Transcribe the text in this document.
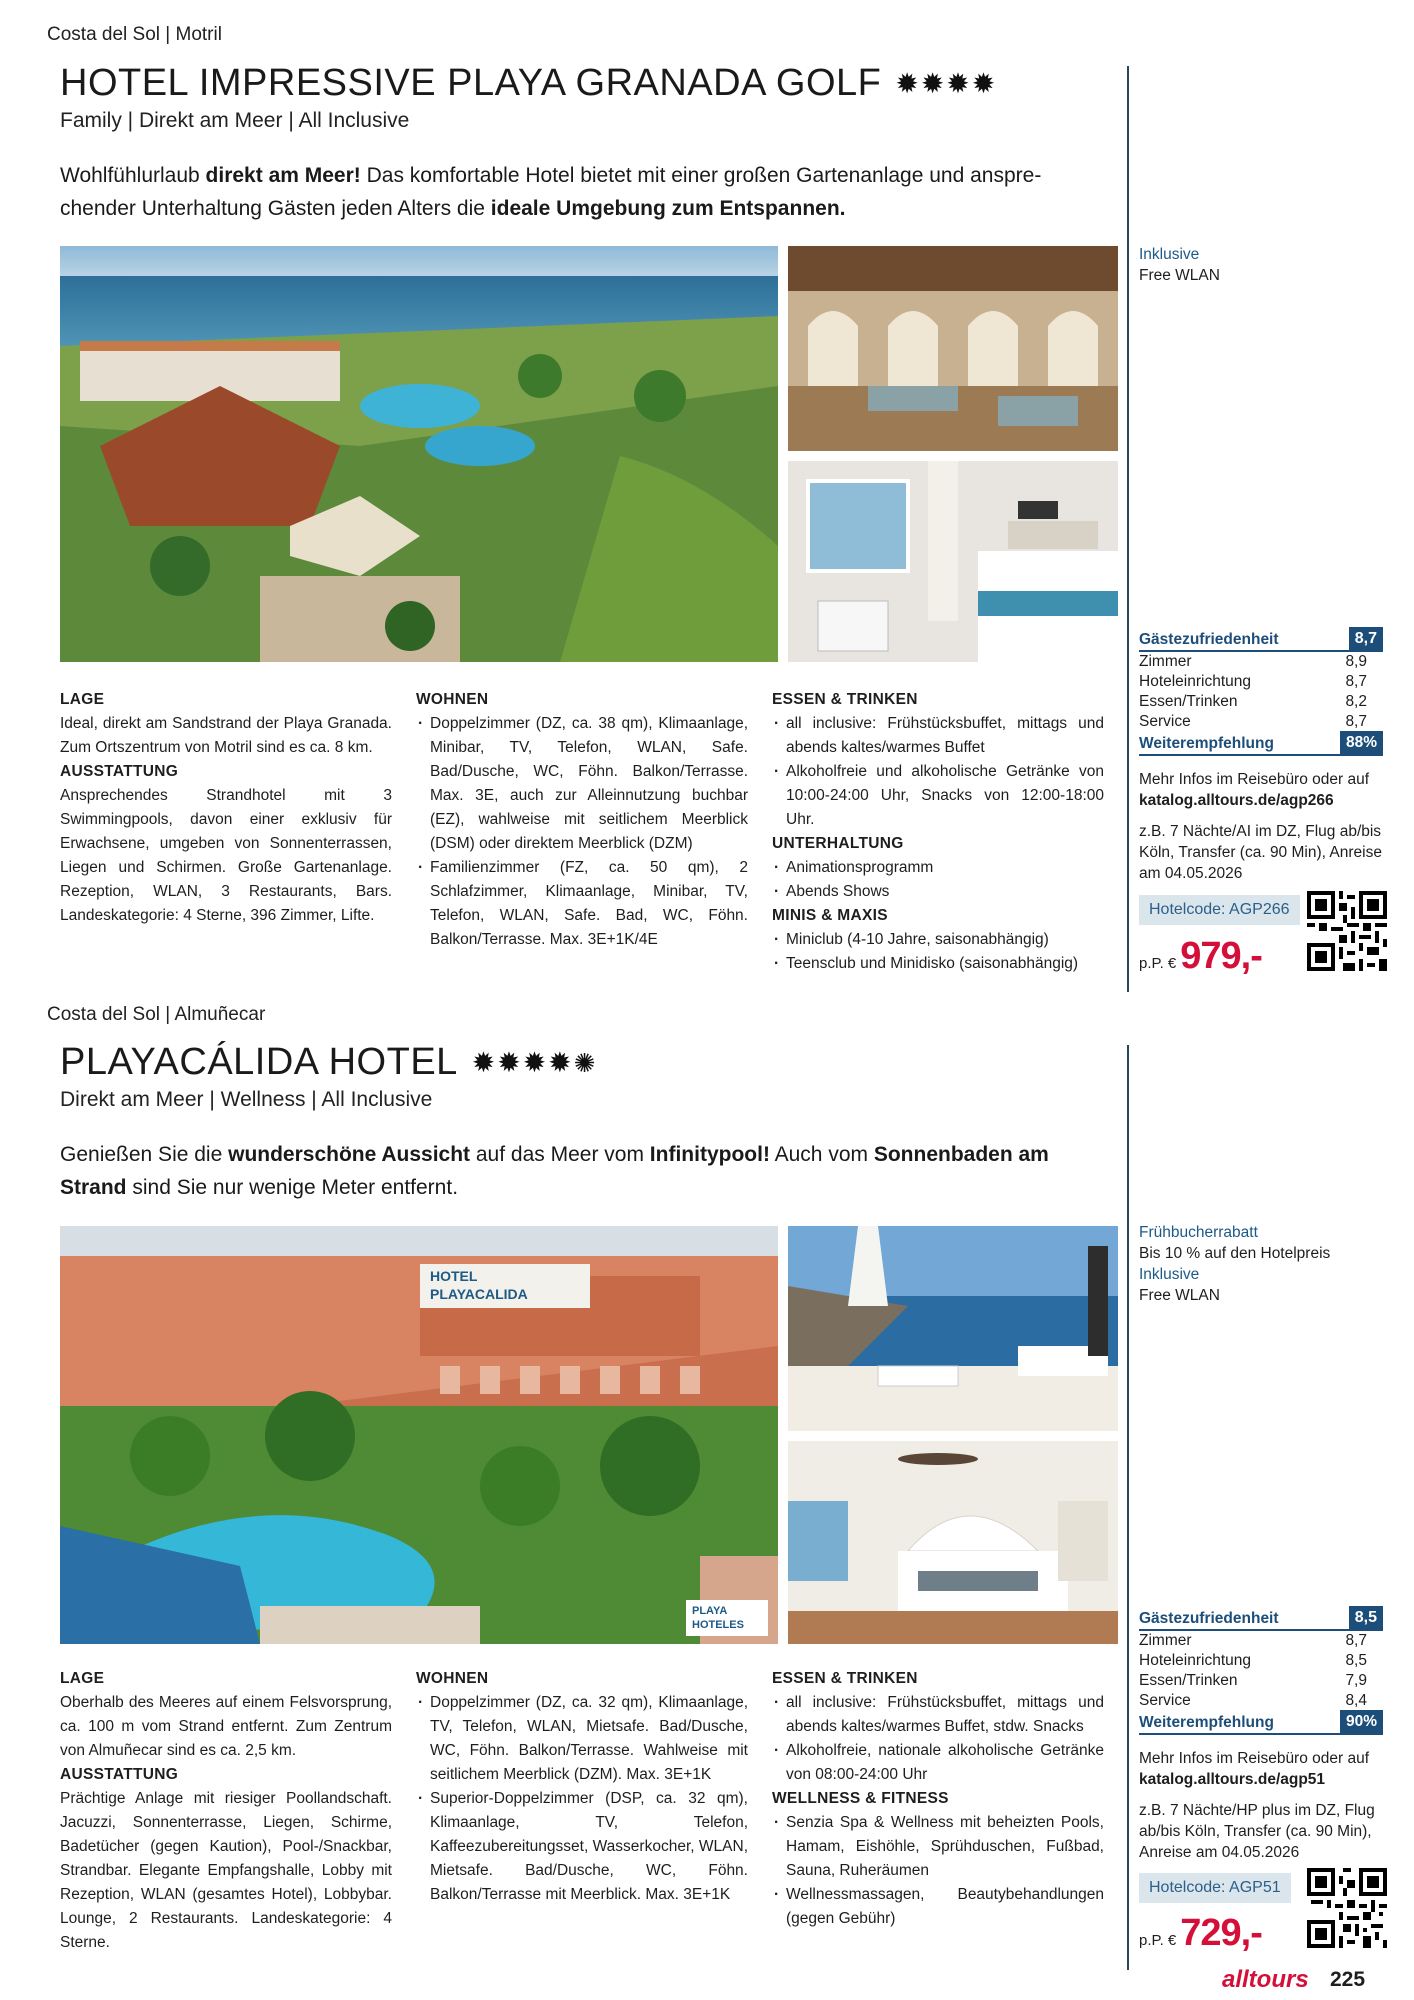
Costa del Sol | Motril
HOTEL IMPRESSIVE PLAYA GRANADA GOLF ✹✹✹✹
Family | Direkt am Meer | All Inclusive
Wohlfühlurlaub direkt am Meer! Das komfortable Hotel bietet mit einer großen Gartenanlage und anspre-chender Unterhaltung Gästen jeden Alters die ideale Umgebung zum Entspannen.
LAGE

Ideal, direkt am Sandstrand der Playa Granada. Zum Ortszentrum von Motril sind es ca. 8 km.

AUSSTATTUNG

Ansprechendes Strandhotel mit 3 Swimmingpools, davon einer exklusiv für Erwachsene, umgeben von Sonnenterrassen, Liegen und Schirmen. Große Gartenanlage. Rezeption, WLAN, 3 Restaurants, Bars. Landeskategorie: 4 Sterne, 396 Zimmer, Lifte.

WOHNEN
· Doppelzimmer (DZ, ca. 38 qm), Klimaanlage, Minibar, TV, Telefon, WLAN, Safe. Bad/Dusche, WC, Föhn. Balkon/Terrasse. Max. 3E, auch zur Alleinnutzung buchbar (EZ), wahlweise mit seitlichem Meerblick (DSM) oder direktem Meerblick (DZM)
· Familienzimmer (FZ, ca. 50 qm), 2 Schlafzimmer, Klimaanlage, Minibar, TV, Telefon, WLAN, Safe. Bad, WC, Föhn. Balkon/Terrasse. Max. 3E+1K/4E
ESSEN & TRINKEN
· all inclusive: Frühstücksbuffet, mittags und abends kaltes/warmes Buffet
· Alkoholfreie und alkoholische Getränke von 10:00-24:00 Uhr, Snacks von 12:00-18:00 Uhr.
UNTERHALTUNG
· Animationsprogramm
· Abends Shows
MINIS & MAXIS
· Miniclub (4-10 Jahre, saisonabhängig)
· Teensclub und Minidisko (saisonabhängig)
Inklusive
Free WLAN
Gästezufriedenheit	8,7
Zimmer	8,9
Hoteleinrichtung	8,7
Essen/Trinken	8,2
Service	8,7
Weiterempfehlung	88%
Mehr Infos im Reisebüro oder auf
katalog.alltours.de/agp266
z.B. 7 Nächte/AI im DZ, Flug ab/bis Köln, Transfer (ca. 90 Min), Anreise am 04.05.2026
Hotelcode: AGP266
p.P. € 979,-
Costa del Sol | Almuñecar
PLAYACÁLIDA HOTEL ✹✹✹✹✺
Direkt am Meer | Wellness | All Inclusive
Genießen Sie die wunderschöne Aussicht auf das Meer vom Infinitypool! Auch vom Sonnenbaden am Strand sind Sie nur wenige Meter entfernt.
HOTEL
PLAYACALIDA
PLAYA
HOTELES
LAGE

Oberhalb des Meeres auf einem Felsvorsprung, ca. 100 m vom Strand entfernt. Zum Zentrum von Almuñecar sind es ca. 2,5 km.

AUSSTATTUNG

Prächtige Anlage mit riesiger Poollandschaft. Jacuzzi, Sonnenterrasse, Liegen, Schirme, Badetücher (gegen Kaution), Pool-/Snackbar, Strandbar. Elegante Empfangshalle, Lobby mit Rezeption, WLAN (gesamtes Hotel), Lobbybar. Lounge, 2 Restaurants. Landeskategorie: 4 Sterne.

WOHNEN
· Doppelzimmer (DZ, ca. 32 qm), Klimaanlage, TV, Telefon, WLAN, Mietsafe. Bad/Dusche, WC, Föhn. Balkon/Terrasse. Wahlweise mit seitlichem Meerblick (DZM). Max. 3E+1K
· Superior-Doppelzimmer (DSP, ca. 32 qm), Klimaanlage, TV, Telefon, Kaffeezubereitungsset, Wasserkocher, WLAN, Mietsafe. Bad/Dusche, WC, Föhn. Balkon/Terrasse mit Meerblick. Max. 3E+1K
ESSEN & TRINKEN
· all inclusive: Frühstücksbuffet, mittags und abends kaltes/warmes Buffet, stdw. Snacks
· Alkoholfreie, nationale alkoholische Getränke von 08:00-24:00 Uhr
WELLNESS & FITNESS
· Senzia Spa & Wellness mit beheizten Pools, Hamam, Eishöhle, Sprühduschen, Fußbad, Sauna, Ruheräumen
· Wellnessmassagen, Beautybehandlungen (gegen Gebühr)
Frühbucherrabatt
Bis 10 % auf den Hotelpreis
Inklusive
Free WLAN
Gästezufriedenheit	8,5
Zimmer	8,7
Hoteleinrichtung	8,5
Essen/Trinken	7,9
Service	8,4
Weiterempfehlung	90%
Mehr Infos im Reisebüro oder auf
katalog.alltours.de/agp51
z.B. 7 Nächte/HP plus im DZ, Flug ab/bis Köln, Transfer (ca. 90 Min), Anreise am 04.05.2026
Hotelcode: AGP51
p.P. € 729,-
alltours 225
